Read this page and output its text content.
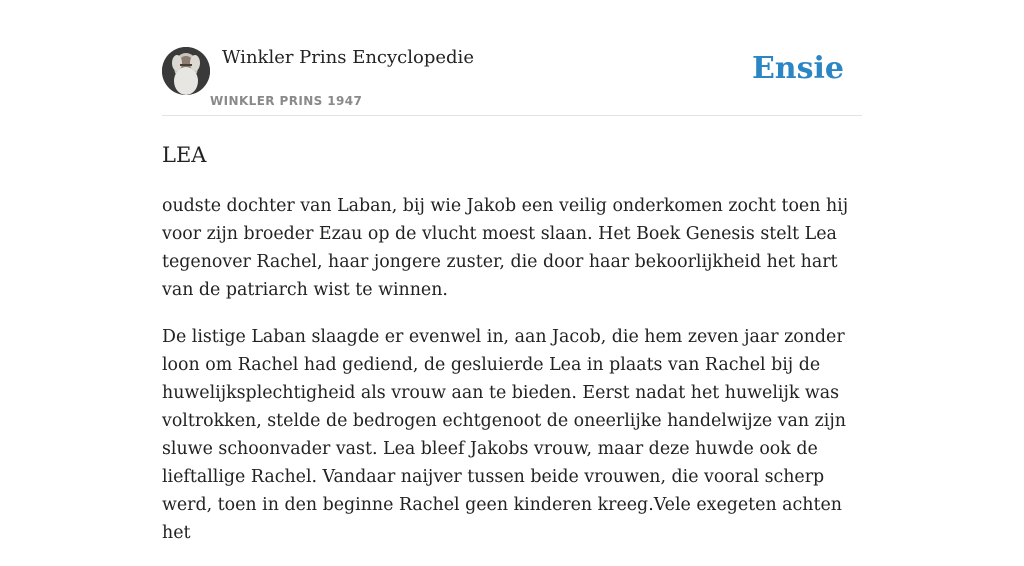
Winkler Prins Encyclopedie
WINKLER PRINS 1947
Ensie
LEA

oudste dochter van Laban, bij wie Jakob een veilig onderkomen zocht toen hij voor zijn broeder Ezau op de vlucht moest slaan. Het Boek Genesis stelt Lea tegenover Rachel, haar jongere zuster, die door haar bekoorlijkheid het hart van de patriarch wist te winnen.

De listige Laban slaagde er evenwel in, aan Jacob, die hem zeven jaar zonder loon om Rachel had gediend, de gesluierde Lea in plaats van Rachel bij de huwelijksplechtigheid als vrouw aan te bieden. Eerst nadat het huwelijk was voltrokken, stelde de bedrogen echtgenoot de oneerlijke handelwijze van zijn sluwe schoonvader vast. Lea bleef Jakobs vrouw, maar deze huwde ook de lieftallige Rachel. Vandaar naijver tussen beide vrouwen, die vooral scherp werd, toen in den beginne Rachel geen kinderen kreeg.Vele exegeten achten het
